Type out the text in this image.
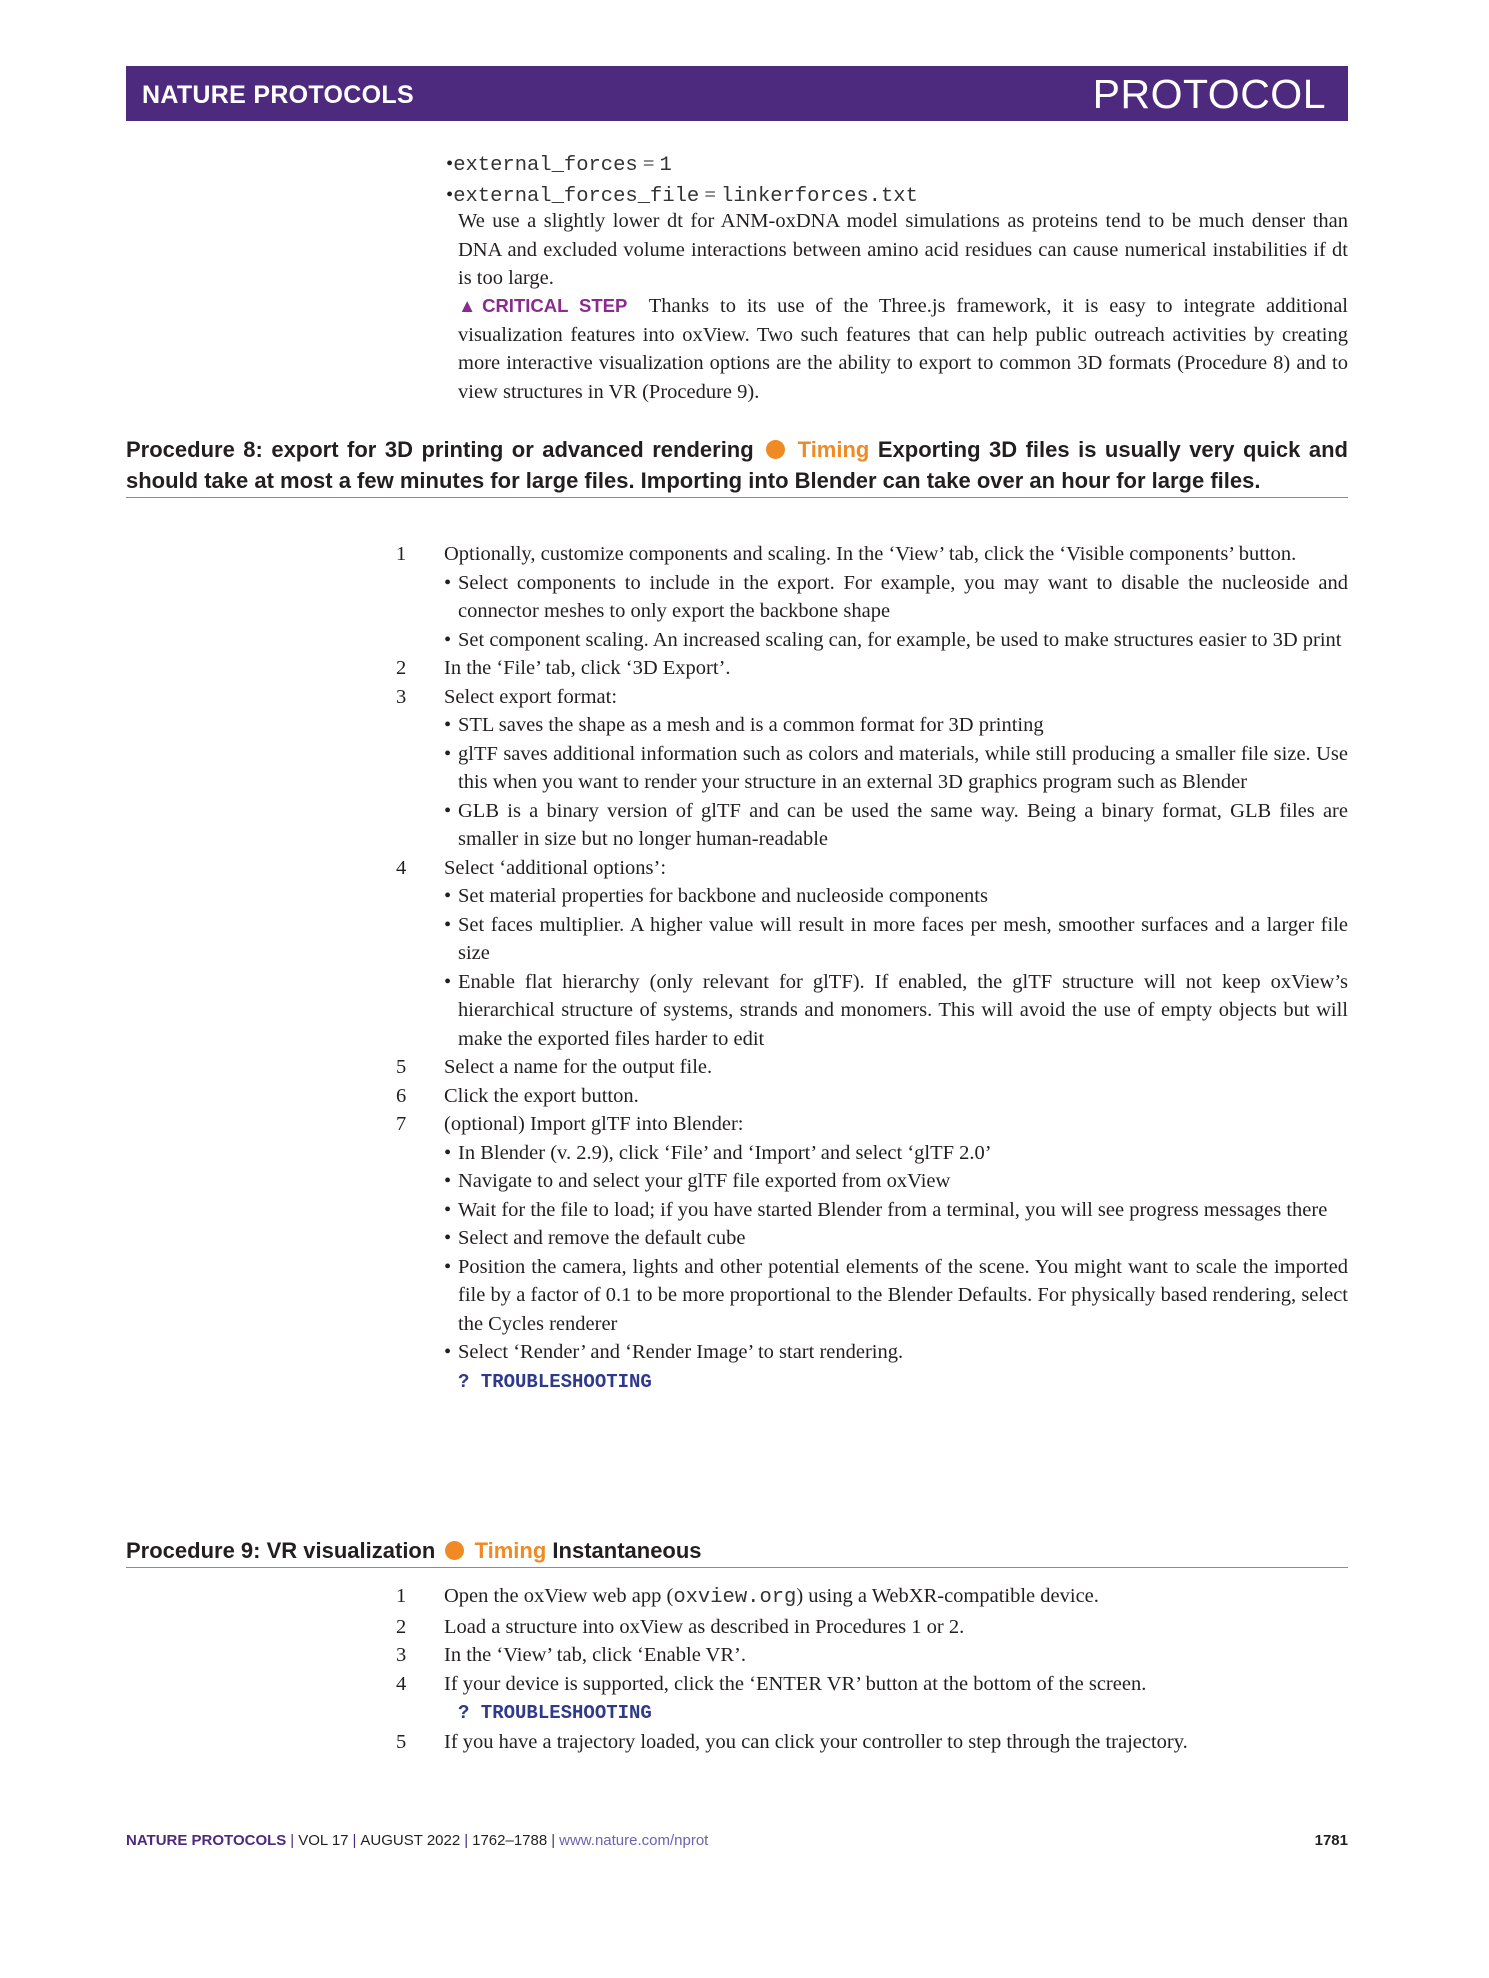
NATURE PROTOCOLS	PROTOCOL
•external_forces = 1
•external_forces_file = linkerforces.txt
We use a slightly lower dt for ANM-oxDNA model simulations as proteins tend to be much denser than DNA and excluded volume interactions between amino acid residues can cause numerical instabilities if dt is too large.
▲CRITICAL STEP Thanks to its use of the Three.js framework, it is easy to integrate additional visualization features into oxView. Two such features that can help public outreach activities by creating more interactive visualization options are the ability to export to common 3D formats (Procedure 8) and to view structures in VR (Procedure 9).
Procedure 8: export for 3D printing or advanced rendering Timing Exporting 3D files is usually very quick and should take at most a few minutes for large files. Importing into Blender can take over an hour for large files.
1	Optionally, customize components and scaling. In the ‘View’ tab, click the ‘Visible components’ button.
• Select components to include in the export. For example, you may want to disable the nucleoside and connector meshes to only export the backbone shape
• Set component scaling. An increased scaling can, for example, be used to make structures easier to 3D print
2	In the ‘File’ tab, click ‘3D Export’.
3	Select export format:
• STL saves the shape as a mesh and is a common format for 3D printing
• glTF saves additional information such as colors and materials, while still producing a smaller file size. Use this when you want to render your structure in an external 3D graphics program such as Blender
• GLB is a binary version of glTF and can be used the same way. Being a binary format, GLB files are smaller in size but no longer human-readable
4	Select ‘additional options’:
• Set material properties for backbone and nucleoside components
• Set faces multiplier. A higher value will result in more faces per mesh, smoother surfaces and a larger file size
• Enable flat hierarchy (only relevant for glTF). If enabled, the glTF structure will not keep oxView’s hierarchical structure of systems, strands and monomers. This will avoid the use of empty objects but will make the exported files harder to edit
5	Select a name for the output file.
6	Click the export button.
7	(optional) Import glTF into Blender:
• In Blender (v. 2.9), click ‘File’ and ‘Import’ and select ‘glTF 2.0’
• Navigate to and select your glTF file exported from oxView
• Wait for the file to load; if you have started Blender from a terminal, you will see progress messages there
• Select and remove the default cube
• Position the camera, lights and other potential elements of the scene. You might want to scale the imported file by a factor of 0.1 to be more proportional to the Blender Defaults. For physically based rendering, select the Cycles renderer
• Select ‘Render’ and ‘Render Image’ to start rendering.
? TROUBLESHOOTING
Procedure 9: VR visualization Timing Instantaneous
1	Open the oxView web app (oxview.org) using a WebXR-compatible device.
2	Load a structure into oxView as described in Procedures 1 or 2.
3	In the ‘View’ tab, click ‘Enable VR’.
4	If your device is supported, click the ‘ENTER VR’ button at the bottom of the screen.
? TROUBLESHOOTING
5	If you have a trajectory loaded, you can click your controller to step through the trajectory.
NATURE PROTOCOLS | VOL 17 | AUGUST 2022 | 1762–1788 | www.nature.com/nprot	1781
